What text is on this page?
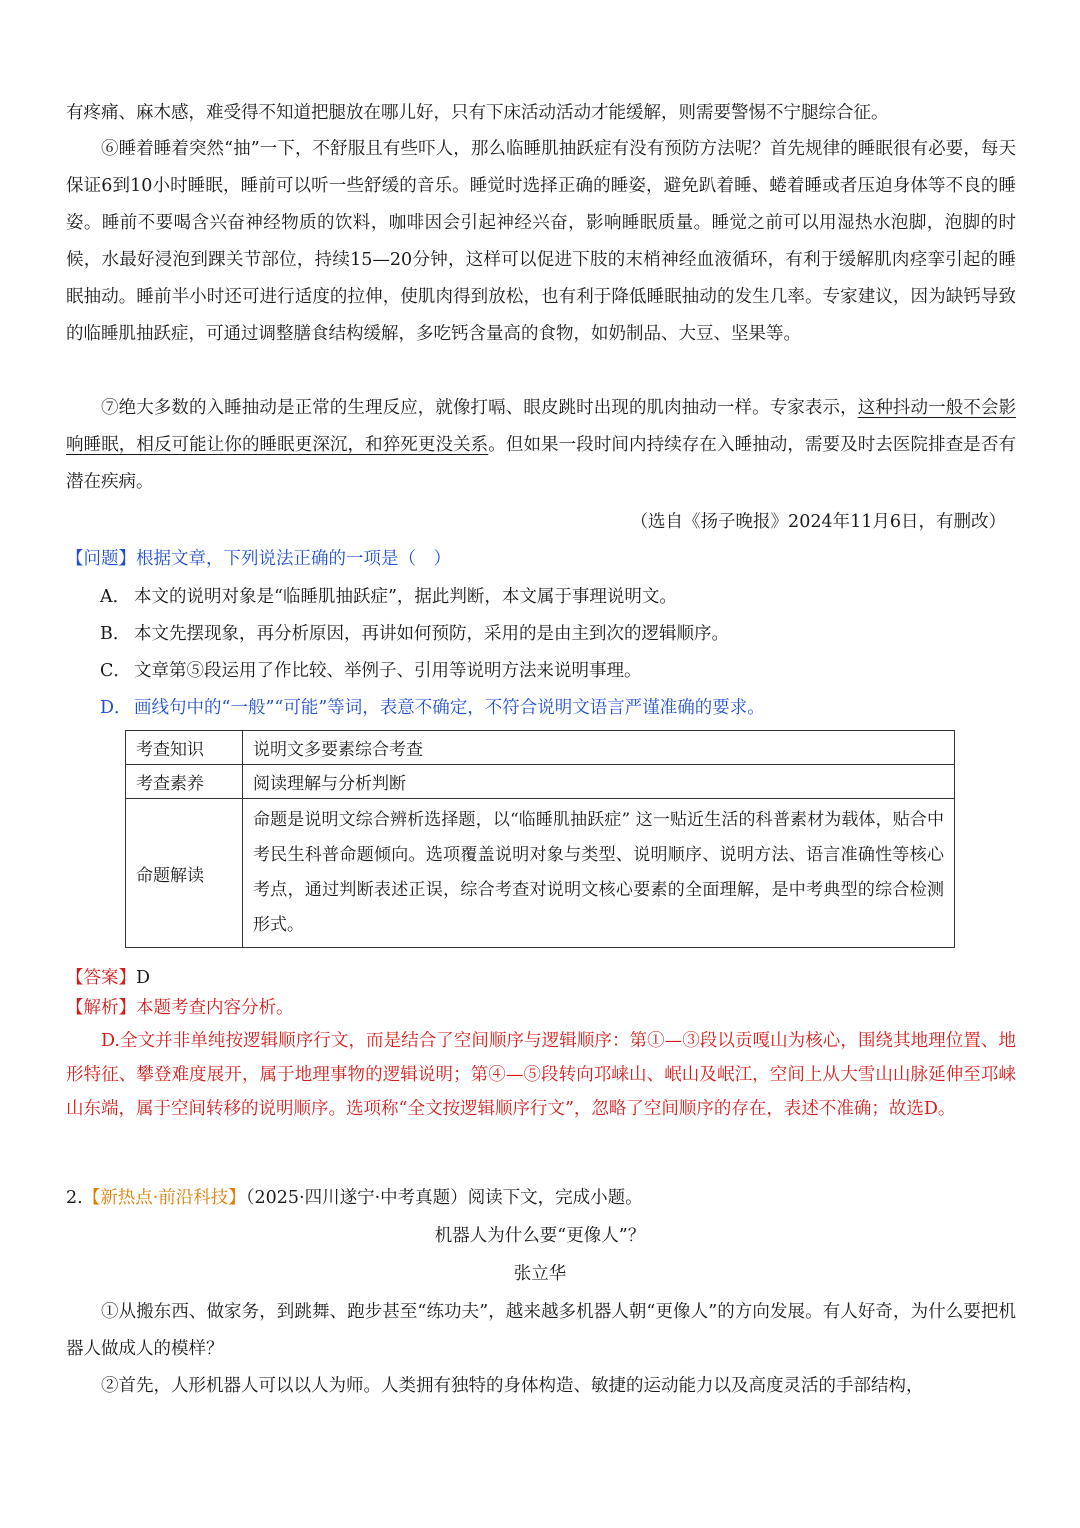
有疼痛、麻木感，难受得不知道把腿放在哪儿好，只有下床活动活动才能缓解，则需要警惕不宁腿综合征。

⑥睡着睡着突然“抽”一下，不舒服且有些吓人，那么临睡肌抽跃症有没有预防方法呢？首先规律的睡眠很有必要，每天保证6到10小时睡眠，睡前可以听一些舒缓的音乐。睡觉时选择正确的睡姿，避免趴着睡、蜷着睡或者压迫身体等不良的睡姿。睡前不要喝含兴奋神经物质的饮料，咖啡因会引起神经兴奋，影响睡眠质量。睡觉之前可以用湿热水泡脚，泡脚的时候，水最好浸泡到踝关节部位，持续15—20分钟，这样可以促进下肢的末梢神经血液循环，有利于缓解肌肉痉挛引起的睡眠抽动。睡前半小时还可进行适度的拉伸，使肌肉得到放松，也有利于降低睡眠抽动的发生几率。专家建议，因为缺钙导致的临睡肌抽跃症，可通过调整膳食结构缓解，多吃钙含量高的食物，如奶制品、大豆、坚果等。

⑦绝大多数的入睡抽动是正常的生理反应，就像打嗝、眼皮跳时出现的肌肉抽动一样。专家表示，这种抖动一般不会影响睡眠，相反可能让你的睡眠更深沉，和猝死更没关系。但如果一段时间内持续存在入睡抽动，需要及时去医院排查是否有潜在疾病。

（选自《扬子晚报》2024年11月6日，有删改）
【问题】根据文章，下列说法正确的一项是（　）
A． 本文的说明对象是“临睡肌抽跃症”，据此判断，本文属于事理说明文。
B． 本文先摆现象，再分析原因，再讲如何预防，采用的是由主到次的逻辑顺序。
C． 文章第⑤段运用了作比较、举例子、引用等说明方法来说明事理。
D． 画线句中的“一般”“可能”等词，表意不确定，不符合说明文语言严谨准确的要求。
考查知识	说明文多要素综合考查
考查素养	阅读理解与分析判断
命题解读	命题是说明文综合辨析选择题，以“临睡肌抽跃症” 这一贴近生活的科普素材为载体，贴合中考民生科普命题倾向。选项覆盖说明对象与类型、说明顺序、说明方法、语言准确性等核心考点，通过判断表述正误，综合考查对说明文核心要素的全面理解，是中考典型的综合检测形式。
【答案】D
【解析】本题考查内容分析。

D.全文并非单纯按逻辑顺序行文，而是结合了空间顺序与逻辑顺序：第①—③段以贡嘎山为核心，围绕其地理位置、地形特征、攀登难度展开，属于地理事物的逻辑说明；第④—⑤段转向邛崃山、岷山及岷江，空间上从大雪山山脉延伸至邛崃山东端，属于空间转移的说明顺序。选项称“全文按逻辑顺序行文”，忽略了空间顺序的存在，表述不准确；故选D。

2.【新热点·前沿科技】（2025·四川遂宁·中考真题）阅读下文，完成小题。
机器人为什么要“更像人”？
张立华

①从搬东西、做家务，到跳舞、跑步甚至“练功夫”，越来越多机器人朝“更像人”的方向发展。有人好奇，为什么要把机器人做成人的模样？

②首先，人形机器人可以以人为师。人类拥有独特的身体构造、敏捷的运动能力以及高度灵活的手部结构，
